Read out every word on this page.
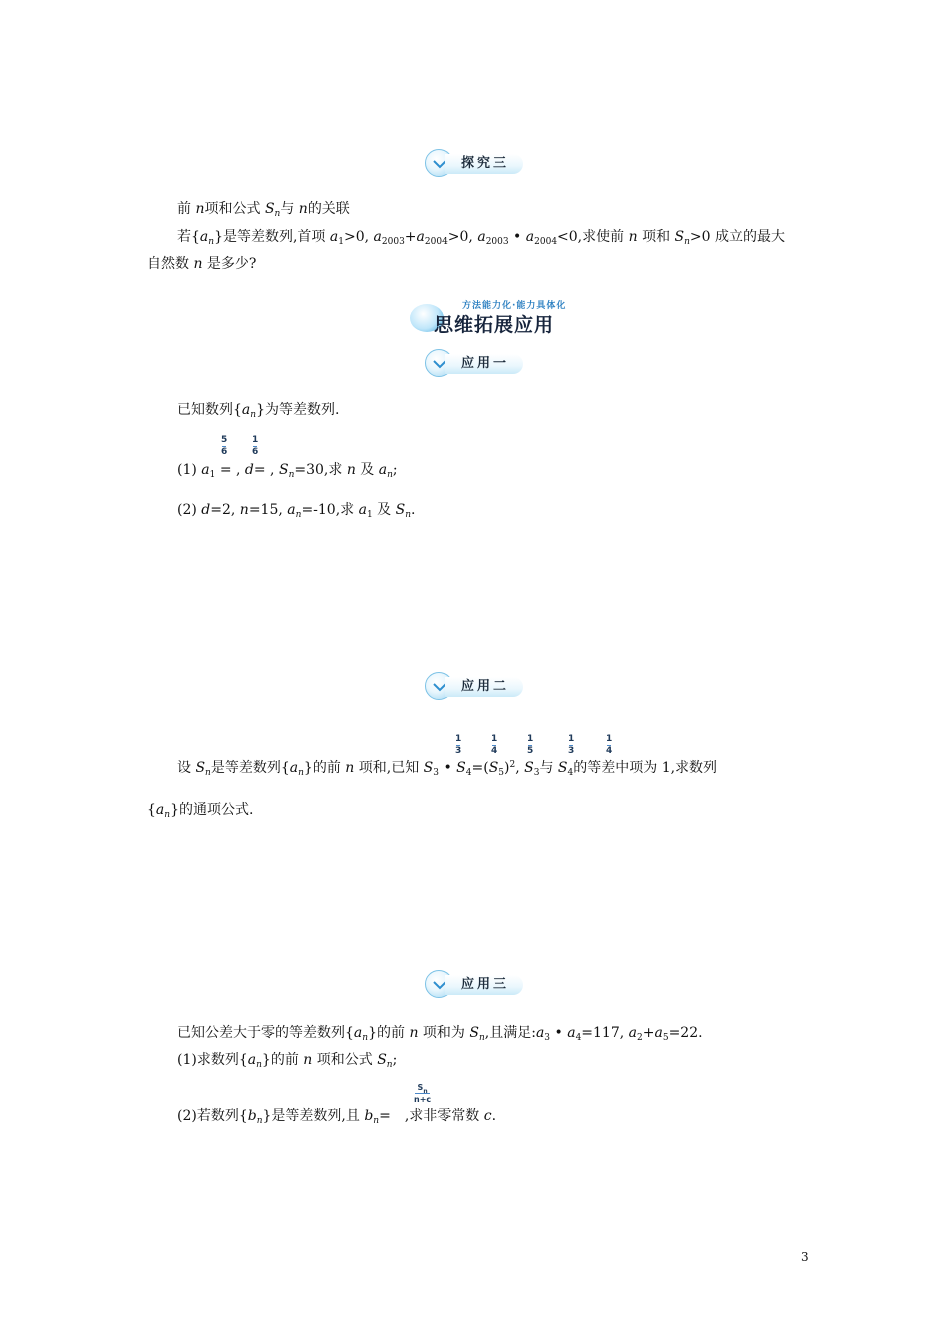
探究三
前 n项和公式 $S_n$与 n的关联
若$\{a_n\}$是等差数列,首项 $a_1>0$, $a_{2003}+a_{2004}>0$, $a_{2003}$ • $a_{2004}<0$,求使前 n 项和 $S_n>0$ 成立的最大
自然数 n 是多少?
方法能力化·能力具体化
思维拓展应用
应用一
已知数列$\{a_n\}$为等差数列.
5
6
1
6
(1) $a_1$ = , d= , $S_n=30$,求 n 及 $a_n$;
(2) d=2, n=15, $a_n=-10$,求 $a_1$ 及 $S_n$.
应用二
1
3
1
4
1
5
1
3
1
4
设 $S_n$是等差数列$\{a_n\}$的前 n 项和,已知 $S_3$ • $S_4=(S_5)^2$, $S_3$与 $S_4$的等差中项为 1,求数列
$\{a_n\}$的通项公式.
应用三
已知公差大于零的等差数列$\{a_n\}$的前 n 项和为 $S_n$,且满足$:a_3$ • $a_4=117$, $a_2+a_5=22$.
(1)求数列$\{a_n\}$的前 n 项和公式 $S_n$;
$S_n$
n+c
(2)若数列$\{b_n\}$是等差数列,且 $b_n=$ ,求非零常数 c.
3
